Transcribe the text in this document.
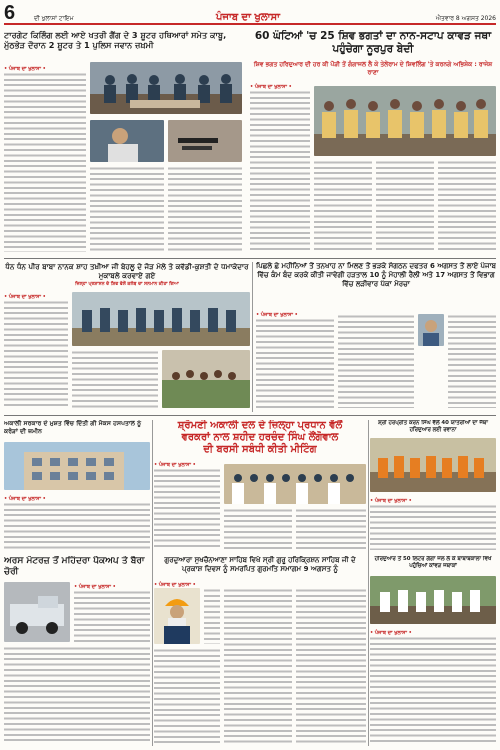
6	ਦੀ ਖੁਲਾਸਾਂ ਟਾਇਮ	ਪੰਜਾਬ ਦਾ ਖੁਲਾਸਾ	ਐਤਵਾਰ 8 ਅਗਸਤ 2026
ਟਾਰਗੇਟ ਕਿਲਿੰਗ ਲਈ ਆਏ ਖਤਰੀ ਗੈਂਗ ਦੇ 3 ਸ਼ੂਟਰ ਹਥਿਆਰਾਂ ਸਮੇਤ ਕਾਬੂ, ਮੁੱਠਭੇੜ ਦੌਰਾਨ 2 ਸ਼ੂਟਰ ਤੇ 1 ਪੁਲਿਸ ਜਵਾਨ ਜ਼ਖ਼ਮੀ
• ਪੰਜਾਬ ਦਾ ਖੁਲਾਸਾ •
60 ਘੰਟਿਆਂ 'ਚ 25 ਸ਼ਿਵ ਭਗਤਾਂ ਦਾ ਨਾਨ-ਸਟਾਪ ਕਾਵੜ ਜਥਾ ਪਹੁੰਚੇਗਾ ਨੂਰਪੁਰ ਬੇਦੀ
ਸ਼ਿਵ ਭਗਤ ਹਰਿਦੁਆਰ ਦੀ ਹਰ ਕੀ ਪੌੜੀ ਤੋਂ ਗੰਗਾਜਲ ਲੈ ਕੇ ਤੇਲੇਰਾਮ ਦੇ ਸ਼ਿਵਲਿੰਗ 'ਤੇ ਕਰਨਗੇ ਅਭਿਸ਼ੇਕ : ਰਾਜੇਸ਼ ਰਾਣਾ
• ਪੰਜਾਬ ਦਾ ਖੁਲਾਸਾ •
ਧੰਨ ਧੰਨ ਪੀਰ ਬਾਬਾ ਨਾਨਕ ਸ਼ਾਹ ਤਖ਼ੀਆ ਜੀ ਬੇਹਲੂ ਦੇ ਜੋੜ ਮੇਲੇ ਤੇ ਕਵੱਡੀ-ਕੁਸ਼ਤੀ ਦੇ ਧਮਾਕੇਦਾਰ ਮੁਕਾਬਲੇ ਕਰਵਾਏ ਗਏ
ਜਿਲ੍ਹਾ ਪ੍ਰਸ਼ਾਸਨ ਦੇ ਸ਼ਿਵ ਵੱਲੋਂ ਕਲੱਬ ਦਾ ਸਨਮਾਨ ਕੀਤਾ ਗਿਆ
• ਪੰਜਾਬ ਦਾ ਖੁਲਾਸਾ •
ਪਿਛਲੇ ਛੇ ਮਹੀਨਿਆਂ ਤੋਂ ਤਨਖਾਹ ਨਾ ਮਿਲਣ ਤੋਂ ਭੜਕੇ ਸੰਗਠਨ ਦਫਤਰ 6 ਅਗਸਤ ਤੋਂ ਲਾਏ ਪੰਜਾਬ ਵਿੱਚ ਕੰਮ ਬੰਦ ਕਰਕੇ ਕੀਤੀ ਜਾਵੇਗੀ ਹੜਤਾਲ 10 ਨੂੰ ਮੋਹਾਲੀ ਰੈਲੀ ਅਤੇ 17 ਅਗਸਤ ਤੋਂ ਵਿਭਾਗ ਵਿੱਚ ਲੜੀਵਾਰ ਪੱਕਾ ਮੋਰਚਾ
• ਪੰਜਾਬ ਦਾ ਖੁਲਾਸਾ •
ਅਕਾਲੀ ਸਰਕਾਰ ਦੇ ਮੁਸ਼ਤ ਵਿੱਚ ਦਿੱਤੀ ਗੀ ਮੈਕਸ ਹਸਪਤਾਲ ਨੂੰ ਕਰੋੜਾਂ ਦੀ ਜ਼ਮੀਨ
• ਪੰਜਾਬ ਦਾ ਖੁਲਾਸਾ •
ਸ਼੍ਰੋਮਣੀ ਅਕਾਲੀ ਦਲ ਦੇ ਜ਼ਿਲ੍ਹਾ ਪ੍ਰਧਾਨ ਵੱਲੋਂ
ਵਰਕਰਾਂ ਨਾਲ ਸ਼ਹੀਦ ਹਰਚੰਦ ਸਿੰਘ ਲੌਂਗੋਵਾਲ
ਦੀ ਬਰਸੀ ਸਬੰਧੀ ਕੀਤੀ ਮੀਟਿੰਗ
• ਪੰਜਾਬ ਦਾ ਖੁਲਾਸਾ •
ਸ਼੍ਰੀ ਹਰਪ੍ਰੀਤ ਕਰਨ ਸਿੰਘ ਵੱਲੋਂ 40 ਯਾਤਰੀਆਂ ਦਾ ਜੱਥਾ ਹਰਿਦੁਆਰ ਲਈ ਰਵਾਨਾ
• ਪੰਜਾਬ ਦਾ ਖੁਲਾਸਾ •
ਅਰਸ ਮੋਟਰਜ਼ ਤੋਂ ਮਹਿੰਦਰਾ ਪੈਕਅਪ ਤੇ ਬੈਰਾ ਚੋਰੀ
• ਪੰਜਾਬ ਦਾ ਖੁਲਾਸਾ •
ਗੁਰਦੁਆਰਾ ਸੁਖਚੈਨਆਣਾ ਸਾਹਿਬ ਵਿਖੇ ਸ੍ਰੀ ਗੁਰੂ ਹਰਿਕ੍ਰਿਸ਼ਨ ਸਾਹਿਬ ਜੀ ਦੇ ਪ੍ਰਕਾਸ਼ ਦਿਵਸ ਨੂੰ ਸਮਰਪਿਤ ਗੁਰਮਤਿ ਸਮਾਗਮ 9 ਅਗਸਤ ਨੂੰ
• ਪੰਜਾਬ ਦਾ ਖੁਲਾਸਾ •
ਹਰਿਦੁਆਰ ਤੋਂ 50 ਲਿਟਰ ਗੰਗਾ ਜਲ ਲੈ ਕੇ ਬਾਬਾਬਕਾਲਾ ਵਿਖੇ ਪਹੁੰਚਿਆਂ ਕਾਂਵੜ ਜਥਾਕਾਂ
• ਪੰਜਾਬ ਦਾ ਖੁਲਾਸਾ •
